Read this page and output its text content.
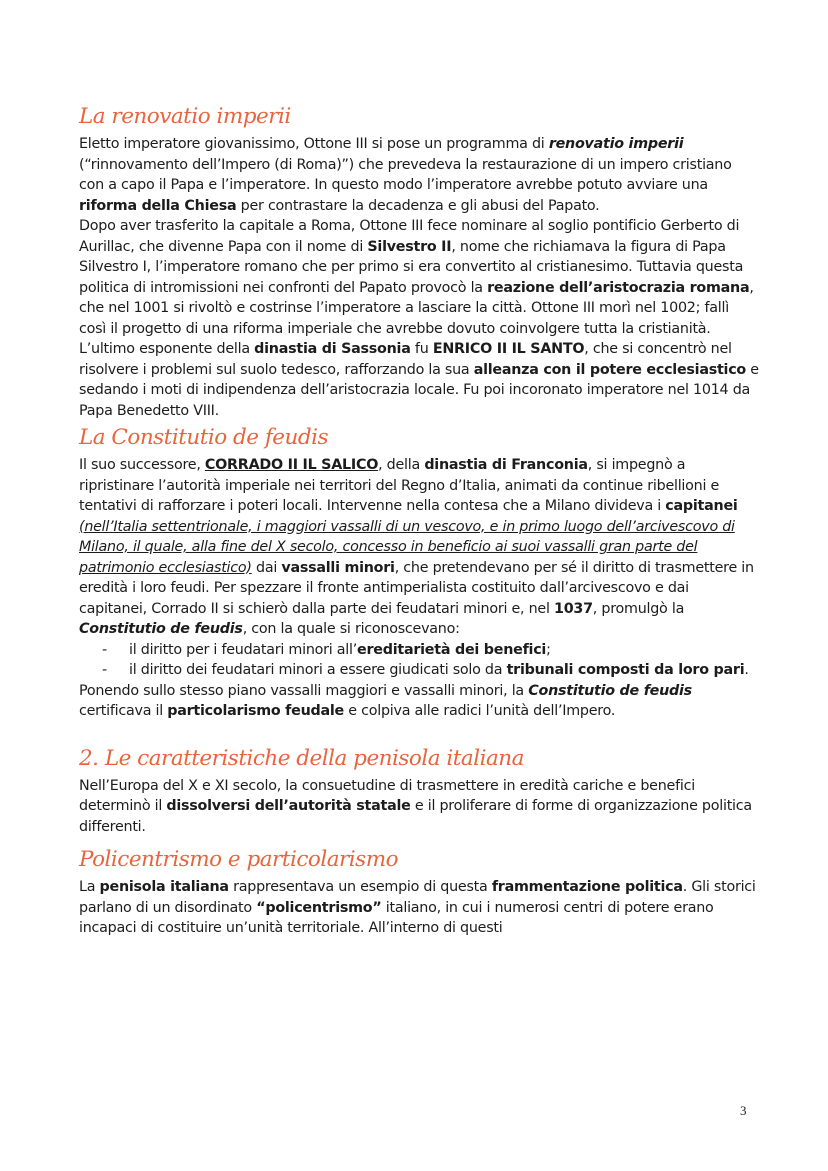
La renovatio imperii

Eletto imperatore giovanissimo, Ottone III si pose un programma di renovatio imperii (“rinnovamento dell’Impero (di Roma)”) che prevedeva la restaurazione di un impero cristiano con a capo il Papa e l’imperatore. In questo modo l’imperatore avrebbe potuto avviare una riforma della Chiesa per contrastare la decadenza e gli abusi del Papato.

Dopo aver trasferito la capitale a Roma, Ottone III fece nominare al soglio pontificio Gerberto di Aurillac, che divenne Papa con il nome di Silvestro II, nome che richiamava la figura di Papa Silvestro I, l’imperatore romano che per primo si era convertito al cristianesimo. Tuttavia questa politica di intromissioni nei confronti del Papato provocò la reazione dell’aristocrazia romana, che nel 1001 si rivoltò e costrinse l’imperatore a lasciare la città. Ottone III morì nel 1002; fallì così il progetto di una riforma imperiale che avrebbe dovuto coinvolgere tutta la cristianità.

L’ultimo esponente della dinastia di Sassonia fu ENRICO II IL SANTO, che si concentrò nel risolvere i problemi sul suolo tedesco, rafforzando la sua alleanza con il potere ecclesiastico e sedando i moti di indipendenza dell’aristocrazia locale. Fu poi incoronato imperatore nel 1014 da Papa Benedetto VIII.

La Constitutio de feudis

Il suo successore, CORRADO II IL SALICO, della dinastia di Franconia, si impegnò a ripristinare l’autorità imperiale nei territori del Regno d’Italia, animati da continue ribellioni e tentativi di rafforzare i poteri locali. Intervenne nella contesa che a Milano divideva i capitanei (nell’Italia settentrionale, i maggiori vassalli di un vescovo, e in primo luogo dell’arcivescovo di Milano, il quale, alla fine del X secolo, concesso in beneficio ai suoi vassalli gran parte del patrimonio ecclesiastico) dai vassalli minori, che pretendevano per sé il diritto di trasmettere in eredità i loro feudi. Per spezzare il fronte antimperialista costituito dall’arcivescovo e dai capitanei, Corrado II si schierò dalla parte dei feudatari minori e, nel 1037, promulgò la Constitutio de feudis, con la quale si riconoscevano:

- il diritto per i feudatari minori all’ereditarietà dei benefici;
- il diritto dei feudatari minori a essere giudicati solo da tribunali composti da loro pari.

Ponendo sullo stesso piano vassalli maggiori e vassalli minori, la Constitutio de feudis certificava il particolarismo feudale e colpiva alle radici l’unità dell’Impero.

2. Le caratteristiche della penisola italiana

Nell’Europa del X e XI secolo, la consuetudine di trasmettere in eredità cariche e benefici determinò il dissolversi dell’autorità statale e il proliferare di forme di organizzazione politica differenti.

Policentrismo e particolarismo

La penisola italiana rappresentava un esempio di questa frammentazione politica. Gli storici parlano di un disordinato “policentrismo” italiano, in cui i numerosi centri di potere erano incapaci di costituire un’unità territoriale. All’interno di questi

3
